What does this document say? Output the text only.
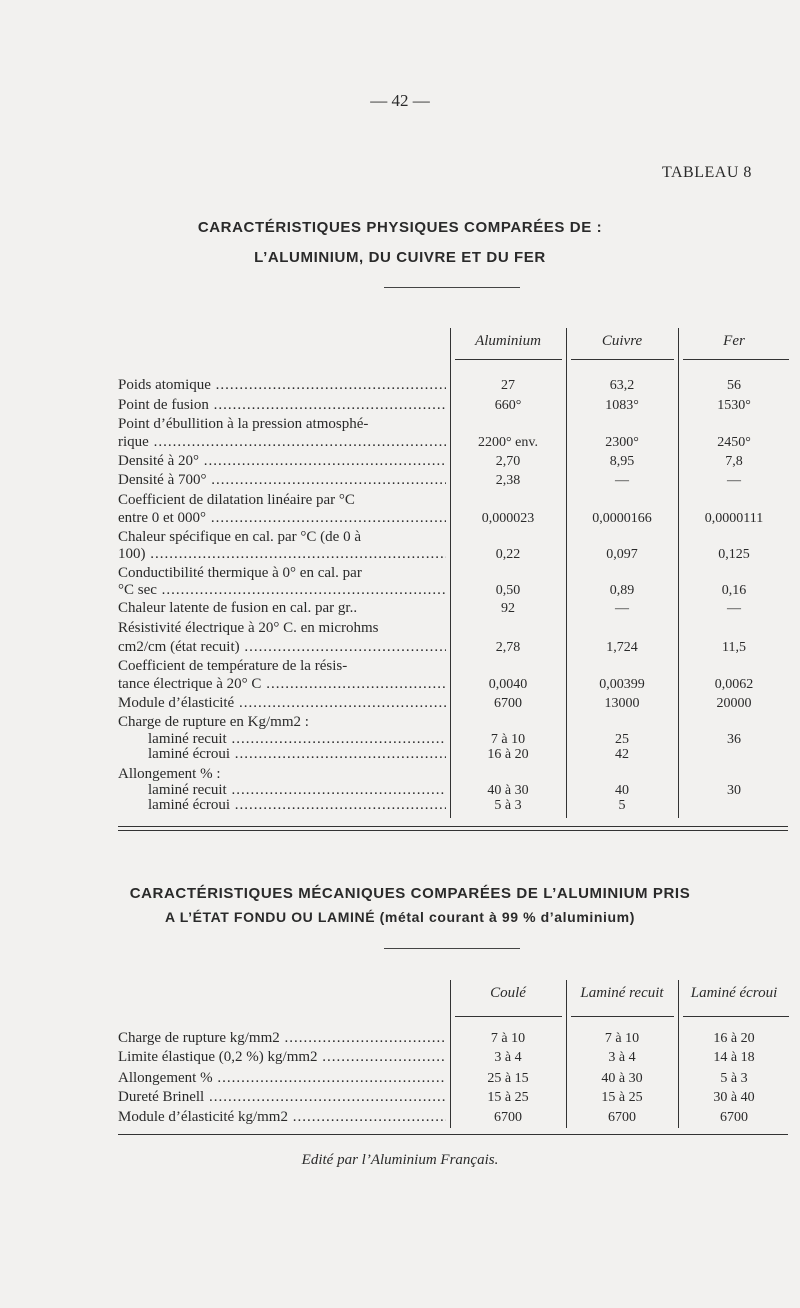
— 42 —
TABLEAU 8
CARACTÉRISTIQUES PHYSIQUES COMPARÉES DE :
L’ALUMINIUM, DU CUIVRE ET DU FER
Aluminium	Cuivre	Fer
Poids atomique .....	27	63,2	56
Point de fusion .....	660°	1083°	1530°
Point d’ébullition à la pression atmosphé-
rique .....	2200° env.	2300°	2450°
Densité à 20° .....	2,70	8,95	7,8
Densité à 700° .....	2,38	—	—
Coefficient de dilatation linéaire par °C
entre 0 et 000° .....	0,000023	0,0000166	0,0000111
Chaleur spécifique en cal. par °C (de 0 à
100) .....	0,22	0,097	0,125
Conductibilité thermique à 0° en cal. par
°C sec .....	0,50	0,89	0,16
Chaleur latente de fusion en cal. par gr..	92	—	—
Résistivité électrique à 20° C. en microhms
cm2/cm (état recuit) .....	2,78	1,724	11,5
Coefficient de température de la résis-
tance électrique à 20° C .....	0,0040	0,00399	0,0062
Module d’élasticité .....	6700	13000	20000
Charge de rupture en Kg/mm2 :
laminé recuit .....	7 à 10	25	36
laminé écroui .....	16 à 20	42
Allongement % :
laminé recuit .....	40 à 30	40	30
laminé écroui .....	5 à 3	5
CARACTÉRISTIQUES MÉCANIQUES COMPARÉES DE L’ALUMINIUM PRIS
A L’ÉTAT FONDU OU LAMINÉ (métal courant à 99 % d’aluminium)
Coulé	Laminé recuit	Laminé écroui
Charge de rupture kg/mm2 .....	7 à 10	7 à 10	16 à 20
Limite élastique (0,2 %) kg/mm2 .....	3 à 4	3 à 4	14 à 18
Allongement % .....	25 à 15	40 à 30	5 à 3
Dureté Brinell .....	15 à 25	15 à 25	30 à 40
Module d’élasticité kg/mm2 .....	6700	6700	6700
Edité par l’Aluminium Français.
